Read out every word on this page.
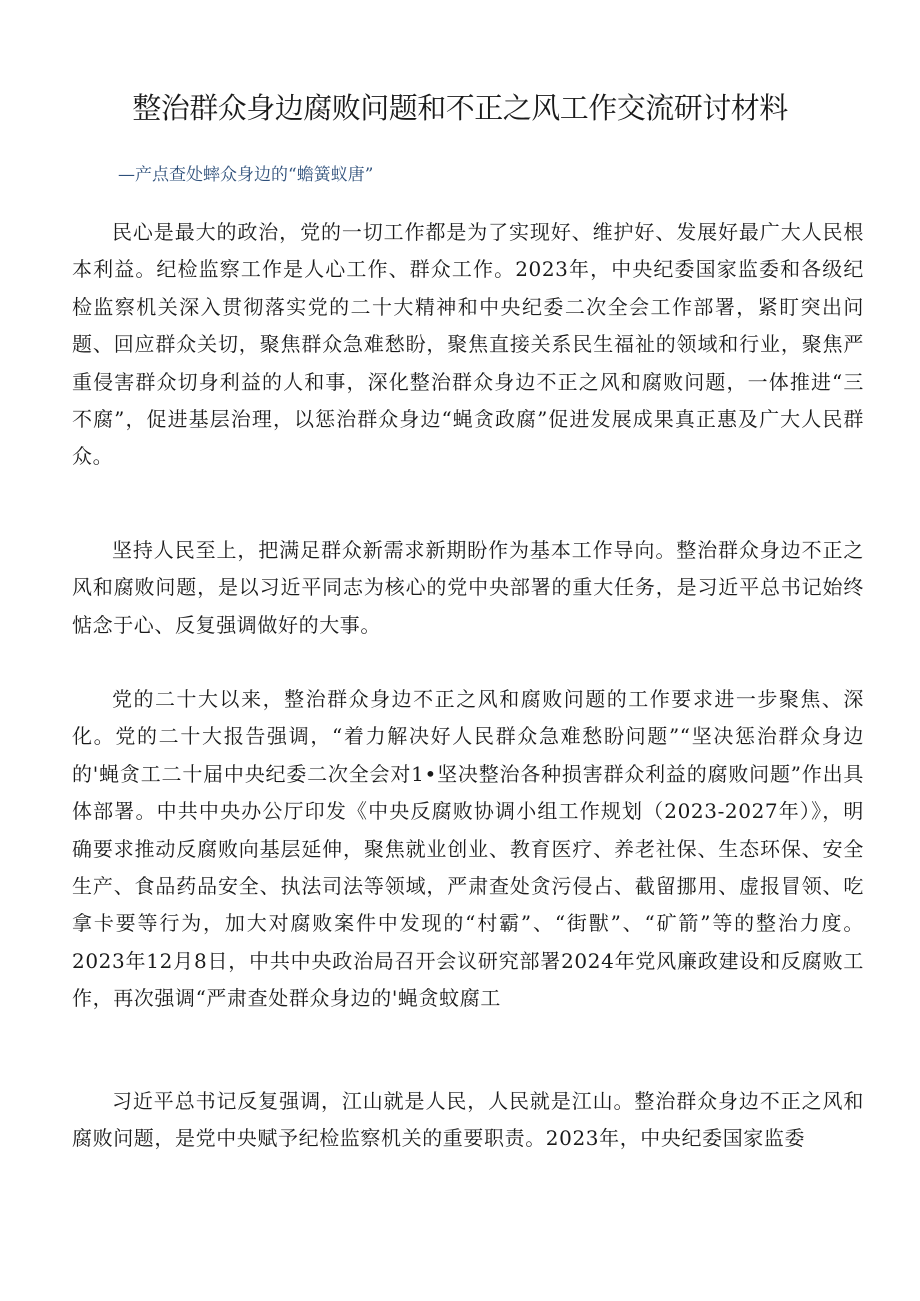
整治群众身边腐败问题和不正之风工作交流研讨材料

—产点查处蟀众身边的“蟾簧蚁唐”

民心是最大的政治，党的一切工作都是为了实现好、维护好、发展好最广大人民根本利益。纪检监察工作是人心工作、群众工作。2023年，中央纪委国家监委和各级纪检监察机关深入贯彻落实党的二十大精神和中央纪委二次全会工作部署，紧盯突出问题、回应群众关切，聚焦群众急难愁盼，聚焦直接关系民生福祉的领域和行业，聚焦严重侵害群众切身利益的人和事，深化整治群众身边不正之风和腐败问题，一体推进“三不腐”，促进基层治理，以惩治群众身边“蝇贪政腐”促进发展成果真正惠及广大人民群众。

坚持人民至上，把满足群众新需求新期盼作为基本工作导向。整治群众身边不正之风和腐败问题，是以习近平同志为核心的党中央部署的重大任务，是习近平总书记始终惦念于心、反复强调做好的大事。

党的二十大以来，整治群众身边不正之风和腐败问题的工作要求进一步聚焦、深化。党的二十大报告强调，“着力解决好人民群众急难愁盼问题”“坚决惩治群众身边的'蝇贪工二十届中央纪委二次全会对1•坚决整治各种损害群众利益的腐败问题”作出具体部署。中共中央办公厅印发《中央反腐败协调小组工作规划（2023-2027年）》，明确要求推动反腐败向基层延伸，聚焦就业创业、教育医疗、养老社保、生态环保、安全生产、食品药品安全、执法司法等领域，严肃查处贪污侵占、截留挪用、虚报冒领、吃拿卡要等行为，加大对腐败案件中发现的“村霸”、“街獸”、“矿箭”等的整治力度。2023年12月8日，中共中央政治局召开会议研究部署2024年党风廉政建设和反腐败工作，再次强调“严肃查处群众身边的'蝇贪蚊腐工

习近平总书记反复强调，江山就是人民，人民就是江山。整治群众身边不正之风和腐败问题，是党中央赋予纪检监察机关的重要职责。2023年，中央纪委国家监委
